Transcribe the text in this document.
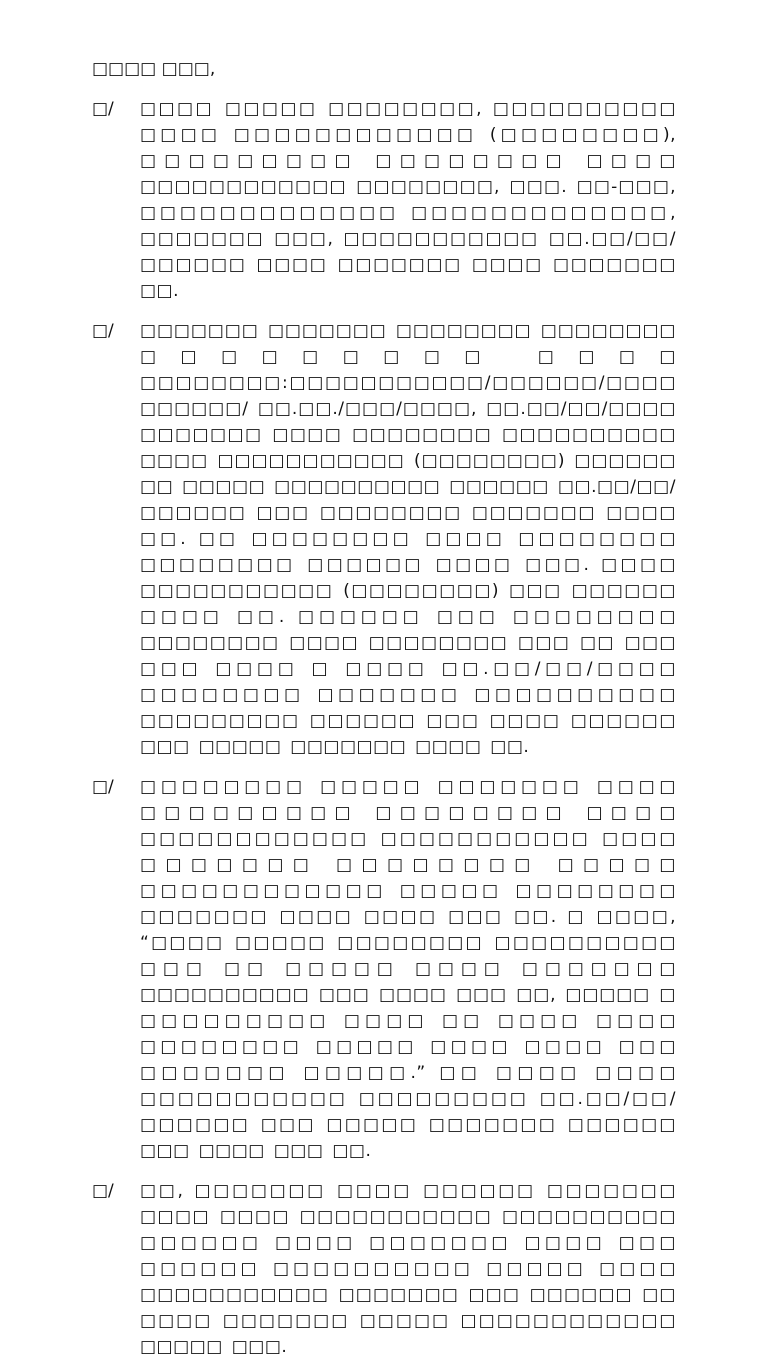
□□□□ □□□,
□/	□□□□ □□□□□ □□□□□□□□, □□□□□□□□□□ □□□□ □□□□□□□□□□□□ (□□□□□□□□), □□□□□□□□□ □□□□□□□□ □□□□ □□□□□□□□□□□□ □□□□□□□□, □□□. □□-□□□, □□□□□□□□□□□□□ □□□□□□□□□□□□□, □□□□□□□ □□□, □□□□□□□□□□□ □□.□□/□□/□□□□□□ □□□□ □□□□□□□ □□□□ □□□□□□□ □□.
□/	□□□□□□□ □□□□□□□ □□□□□□□□ □□□□□□□□ □□□□□□□□□ □□□□ □□□□□□□□:□□□□□□□□□□□/□□□□□□/□□□□ □□□□□□/ □□.□□./□□□/□□□□, □□.□□/□□/□□□□ □□□□□□□ □□□□ □□□□□□□□ □□□□□□□□□□ □□□□ □□□□□□□□□□□ (□□□□□□□□) □□□□□□ □□ □□□□□ □□□□□□□□□□ □□□□□□ □□.□□/□□/□□□□□□ □□□ □□□□□□□□ □□□□□□□ □□□□ □□. □□ □□□□□□□□ □□□□ □□□□□□□□ □□□□□□□□ □□□□□□ □□□□ □□□. □□□□ □□□□□□□□□□□ (□□□□□□□□) □□□ □□□□□□ □□□□ □□. □□□□□□ □□□ □□□□□□□□ □□□□□□□□ □□□□ □□□□□□□□ □□□ □□ □□□ □□□ □□□□ □ □□□□ □□.□□/□□/□□□□ □□□□□□□□ □□□□□□□ □□□□□□□□□□ □□□□□□□□□ □□□□□□ □□□ □□□□ □□□□□□ □□□ □□□□□ □□□□□□□ □□□□ □□.
□/	□□□□□□□□ □□□□□ □□□□□□□ □□□□ □□□□□□□□□ □□□□□□□□ □□□□ □□□□□□□□□□□□ □□□□□□□□□□□ □□□□ □□□□□□□ □□□□□□□□ □□□□□ □□□□□□□□□□□□ □□□□□ □□□□□□□□ □□□□□□□ □□□□ □□□□ □□□ □□. □ □□□□, “□□□□ □□□□□ □□□□□□□□ □□□□□□□□□□ □□□ □□ □□□□□ □□□□ □□□□□□□ □□□□□□□□□□ □□□ □□□□ □□□ □□, □□□□□ □ □□□□□□□□□ □□□□ □□ □□□□ □□□□ □□□□□□□□ □□□□□ □□□□ □□□□ □□□ □□□□□□□ □□□□□.” □□ □□□□ □□□□ □□□□□□□□□□□ □□□□□□□□□ □□.□□/□□/□□□□□□ □□□ □□□□□ □□□□□□□ □□□□□□ □□□ □□□□ □□□ □□.
□/	□□, □□□□□□□ □□□□ □□□□□□ □□□□□□□ □□□□ □□□□ □□□□□□□□□□□ □□□□□□□□□□ □□□□□□ □□□□ □□□□□□□ □□□□ □□□ □□□□□□ □□□□□□□□□□ □□□□□ □□□□ □□□□□□□□□□□ □□□□□□□ □□□ □□□□□□ □□ □□□□ □□□□□□□ □□□□□ □□□□□□□□□□□□ □□□□□ □□□.
